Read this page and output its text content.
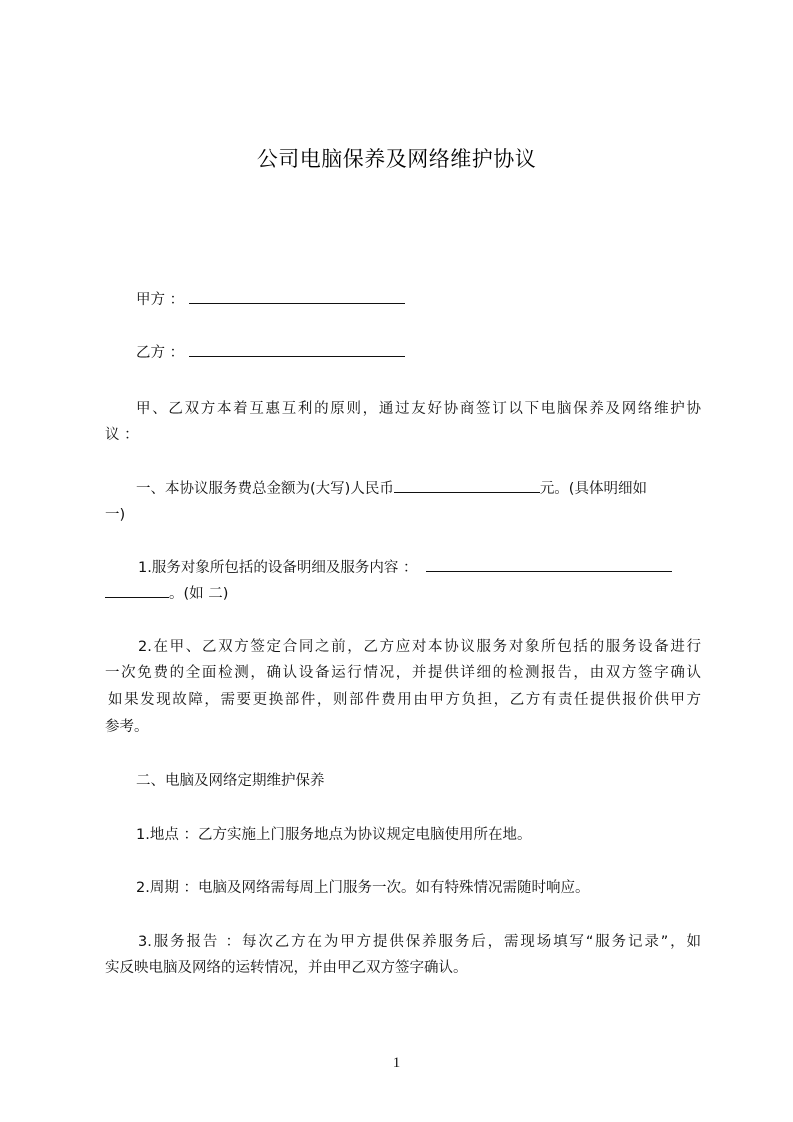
公司电脑保养及网络维护协议
甲方 ：
乙方 ：
甲、乙双方本着互惠互利的原则，通过友好协商签订以下电脑保养及网络维护协
议 ：
一、本协议服务费总金额为(大写)人民币	元。(具体明细如
一)
1.服务对象所包括的设备明细及服务内容 ：
。(如 二)
2.在甲、乙双方签定合同之前，乙方应对本协议服务对象所包括的服务设备进行
一次免费的全面检测，确认设备运行情况，并提供详细的检测报告，由双方签字确认
如果发现故障，需要更换部件，则部件费用由甲方负担，乙方有责任提供报价供甲方
参考。
二、电脑及网络定期维护保养
1.地点 ：乙方实施上门服务地点为协议规定电脑使用所在地。
2.周期 ：电脑及网络需每周上门服务一次。如有特殊情况需随时响应。
3.服务报告 ：每次乙方在为甲方提供保养服务后，需现场填写“服务记录”，如
实反映电脑及网络的运转情况，并由甲乙双方签字确认。
1
